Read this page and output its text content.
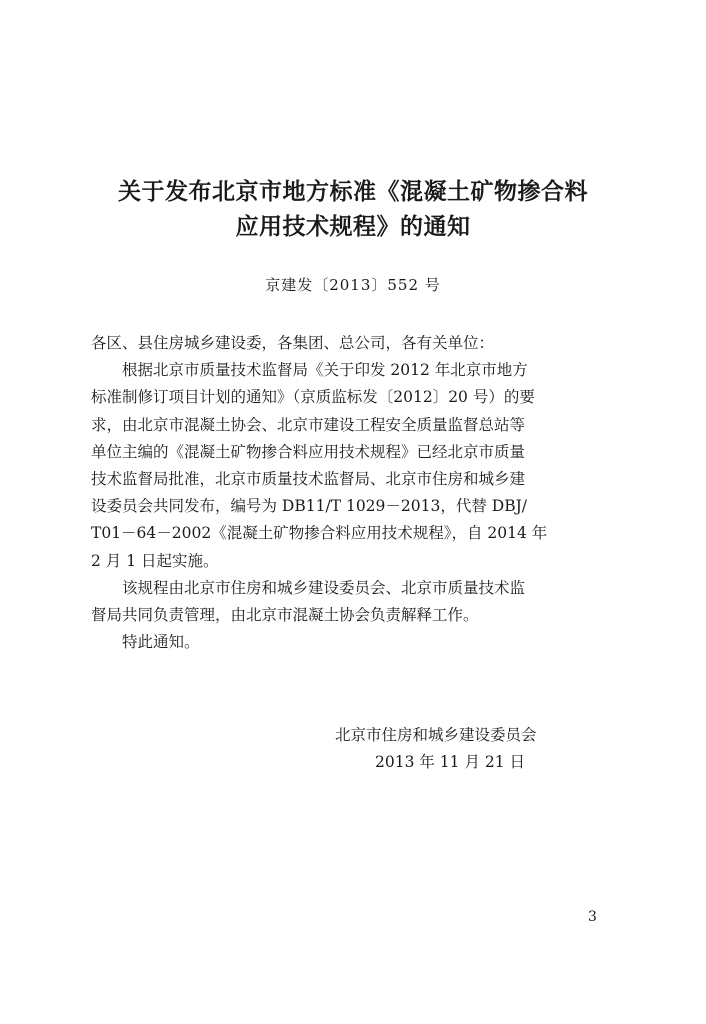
关于发布北京市地方标准《混凝土矿物掺合料
应用技术规程》的通知
京建发〔2013〕552 号

各区、县住房城乡建设委，各集团、总公司，各有关单位：

根据北京市质量技术监督局《关于印发 2012 年北京市地方
标准制修订项目计划的通知》（京质监标发〔2012〕20 号）的要
求，由北京市混凝土协会、北京市建设工程安全质量监督总站等
单位主编的《混凝土矿物掺合料应用技术规程》已经北京市质量
技术监督局批准，北京市质量技术监督局、北京市住房和城乡建
设委员会共同发布，编号为 DB11/T 1029－2013，代替 DBJ/
T01－64－2002《混凝土矿物掺合料应用技术规程》，自 2014 年
2 月 1 日起实施。

该规程由北京市住房和城乡建设委员会、北京市质量技术监
督局共同负责管理，由北京市混凝土协会负责解释工作。

特此通知。

北京市住房和城乡建设委员会
2013 年 11 月 21 日
3
